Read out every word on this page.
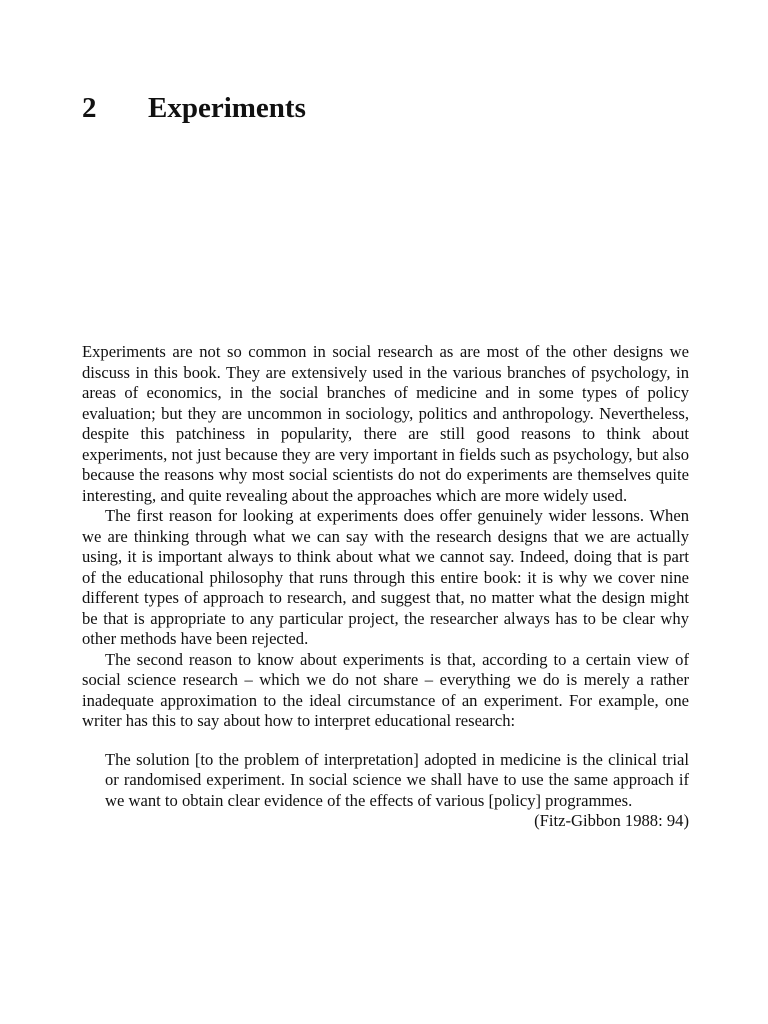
2 Experiments

Experiments are not so common in social research as are most of the other designs we discuss in this book. They are extensively used in the various branches of psychology, in areas of economics, in the social branches of medicine and in some types of policy evaluation; but they are uncommon in sociology, politics and anthropology. Nevertheless, despite this patchiness in popularity, there are still good reasons to think about experiments, not just because they are very important in fields such as psychology, but also because the reasons why most social scientists do not do experiments are themselves quite interesting, and quite revealing about the approaches which are more widely used.

The first reason for looking at experiments does offer genuinely wider lessons. When we are thinking through what we can say with the research designs that we are actually using, it is important always to think about what we cannot say. Indeed, doing that is part of the educational philosophy that runs through this entire book: it is why we cover nine different types of approach to research, and suggest that, no matter what the design might be that is appropriate to any particular project, the researcher always has to be clear why other methods have been rejected.

The second reason to know about experiments is that, according to a certain view of social science research – which we do not share – everything we do is merely a rather inadequate approximation to the ideal circumstance of an experiment. For example, one writer has this to say about how to interpret educational research:

The solution [to the problem of interpretation] adopted in medicine is the clinical trial or randomised experiment. In social science we shall have to use the same approach if we want to obtain clear evidence of the effects of various [policy] programmes.

(Fitz-Gibbon 1988: 94)
